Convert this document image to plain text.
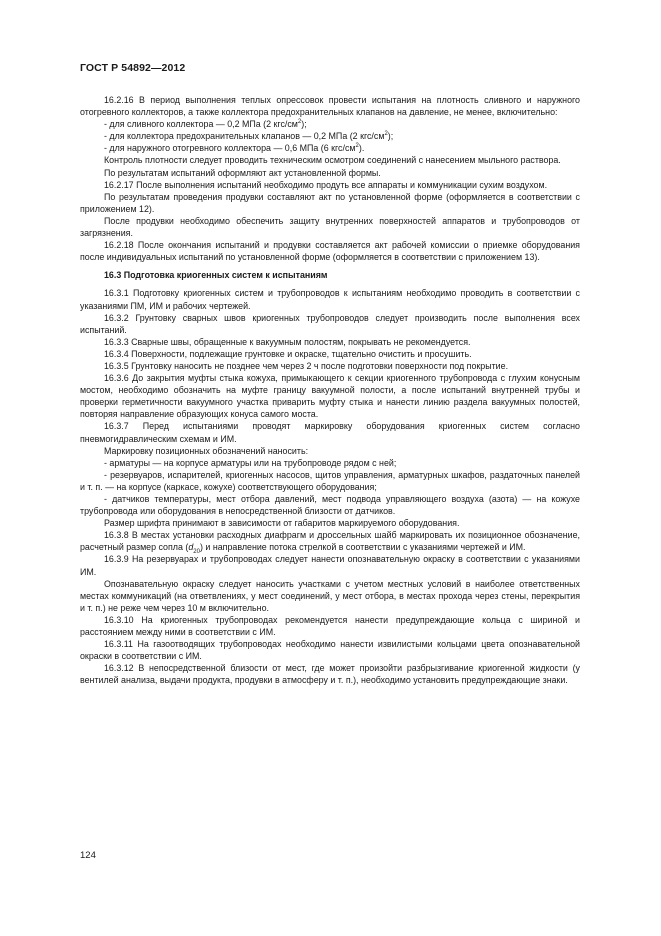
ГОСТ Р 54892—2012

16.2.16 В период выполнения теплых опрессовок провести испытания на плотность сливного и наружного отогревного коллекторов, а также коллектора предохранительных клапанов на давление, не менее, включительно:

- для сливного коллектора — 0,2 МПа (2 кгс/$см^2$);

- для коллектора предохранительных клапанов — 0,2 МПа (2 кгс/$см^2$);

- для наружного отогревного коллектора — 0,6 МПа (6 кгс/$см^2$).

Контроль плотности следует проводить техническим осмотром соединений с нанесением мыльного раствора.

По результатам испытаний оформляют акт установленной формы.

16.2.17 После выполнения испытаний необходимо продуть все аппараты и коммуникации сухим воздухом.

По результатам проведения продувки составляют акт по установленной форме (оформляется в соответствии с приложением 12).

После продувки необходимо обеспечить защиту внутренних поверхностей аппаратов и трубопроводов от загрязнения.

16.2.18 После окончания испытаний и продувки составляется акт рабочей комиссии о приемке оборудования после индивидуальных испытаний по установленной форме (оформляется в соответствии с приложением 13).

16.3 Подготовка криогенных систем к испытаниям

16.3.1 Подготовку криогенных систем и трубопроводов к испытаниям необходимо проводить в соответствии с указаниями ПМ, ИМ и рабочих чертежей.

16.3.2 Грунтовку сварных швов криогенных трубопроводов следует производить после выполнения всех испытаний.

16.3.3 Сварные швы, обращенные к вакуумным полостям, покрывать не рекомендуется.

16.3.4 Поверхности, подлежащие грунтовке и окраске, тщательно очистить и просушить.

16.3.5 Грунтовку наносить не позднее чем через 2 ч после подготовки поверхности под покрытие.

16.3.6 До закрытия муфты стыка кожуха, примыкающего к секции криогенного трубопровода с глухим конусным мостом, необходимо обозначить на муфте границу вакуумной полости, а после испытаний внутренней трубы и проверки герметичности вакуумного участка приварить муфту стыка и нанести линию раздела вакуумных полостей, повторяя направление образующих конуса самого моста.

16.3.7 Перед испытаниями проводят маркировку оборудования криогенных систем согласно пневмогидравлическим схемам и ИМ.

Маркировку позиционных обозначений наносить:

- арматуры — на корпусе арматуры или на трубопроводе рядом с ней;

- резервуаров, испарителей, криогенных насосов, щитов управления, арматурных шкафов, раздаточных панелей и т. п. — на корпусе (каркасе, кожухе) соответствующего оборудования;

- датчиков температуры, мест отбора давлений, мест подвода управляющего воздуха (азота) — на кожухе трубопровода или оборудования в непосредственной близости от датчиков.

Размер шрифта принимают в зависимости от габаритов маркируемого оборудования.

16.3.8 В местах установки расходных диафрагм и дроссельных шайб маркировать их позиционное обозначение, расчетный размер сопла $(d_{20})$ и направление потока стрелкой в соответствии с указаниями чертежей и ИМ.

16.3.9 На резервуарах и трубопроводах следует нанести опознавательную окраску в соответствии с указаниями ИМ.

Опознавательную окраску следует наносить участками с учетом местных условий в наиболее ответственных местах коммуникаций (на ответвлениях, у мест соединений, у мест отбора, в местах прохода через стены, перекрытия и т. п.) не реже чем через 10 м включительно.

16.3.10 На криогенных трубопроводах рекомендуется нанести предупреждающие кольца с шириной и расстоянием между ними в соответствии с ИМ.

16.3.11 На газоотводящих трубопроводах необходимо нанести извилистыми кольцами цвета опознавательной окраски в соответствии с ИМ.

16.3.12 В непосредственной близости от мест, где может произойти разбрызгивание криогенной жидкости (у вентилей анализа, выдачи продукта, продувки в атмосферу и т. п.), необходимо установить предупреждающие знаки.

124
